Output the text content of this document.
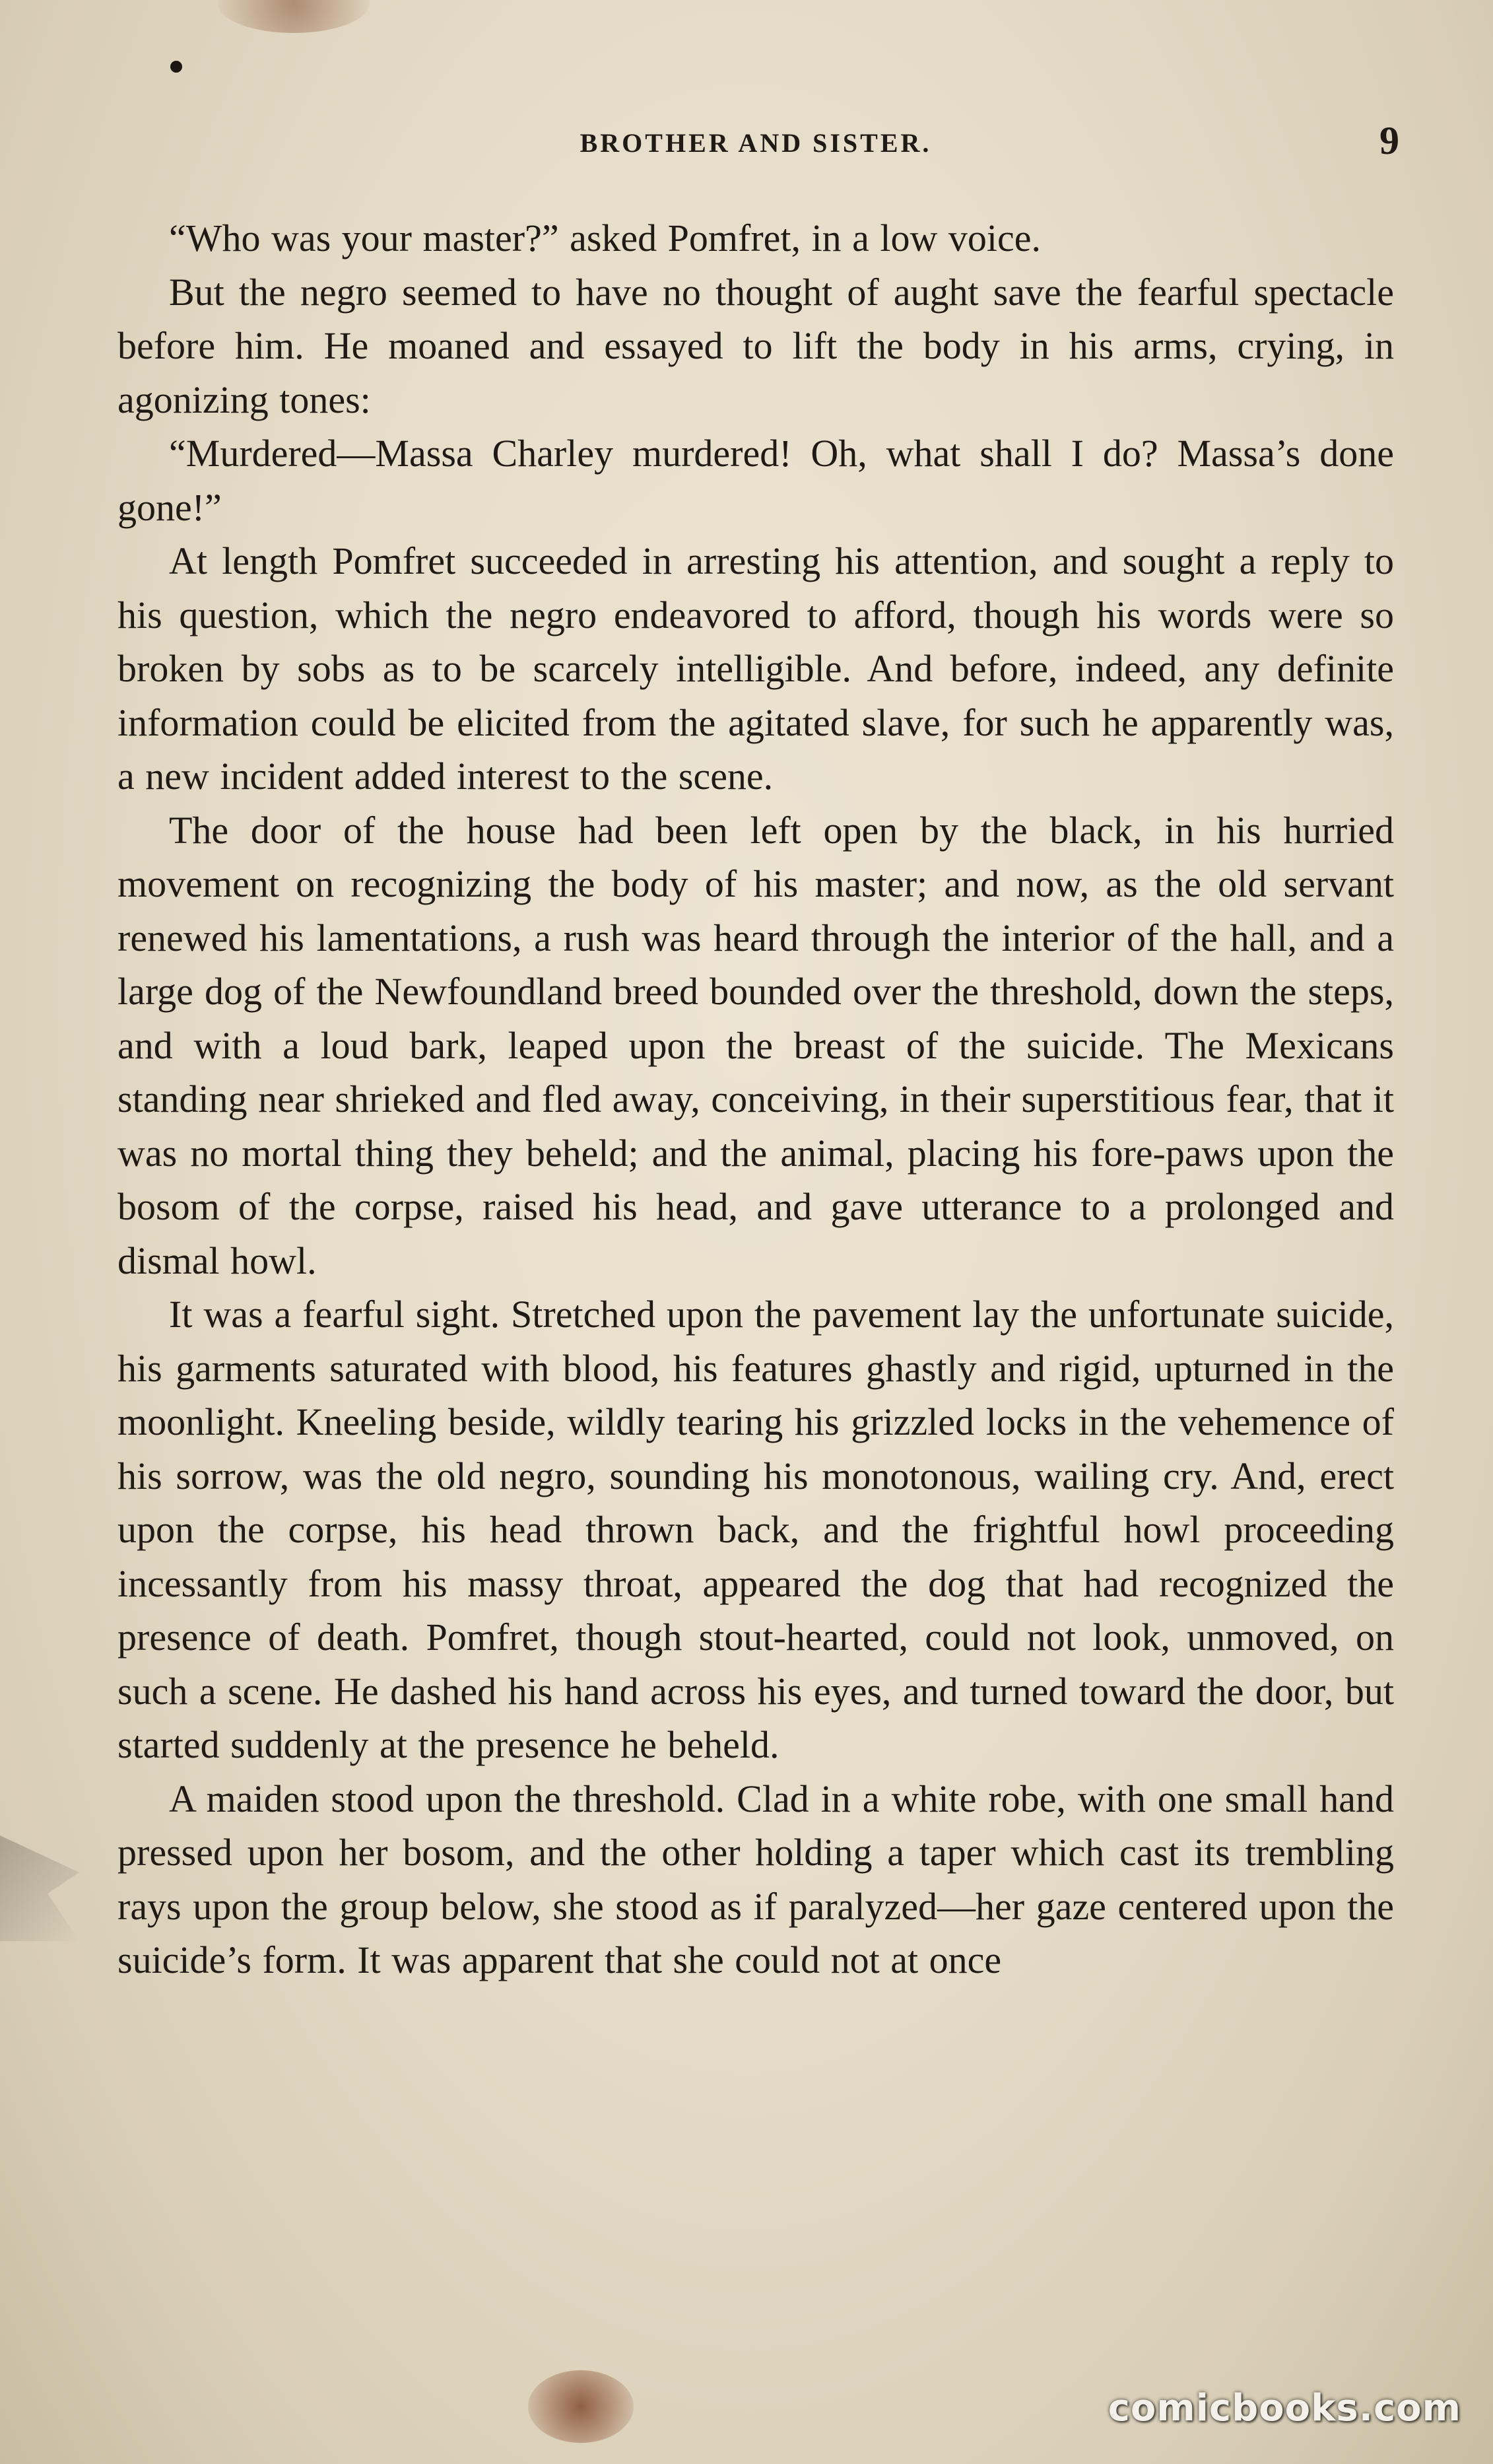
BROTHER AND SISTER.	9

“Who was your master?” asked Pomfret, in a low voice.

But the negro seemed to have no thought of aught save the fearful spectacle before him. He moaned and essayed to lift the body in his arms, crying, in agonizing tones:

“Murdered—Massa Charley murdered! Oh, what shall I do? Massa’s done gone!”

At length Pomfret succeeded in arresting his attention, and sought a reply to his question, which the negro endeavored to afford, though his words were so broken by sobs as to be scarcely intelligible. And before, indeed, any definite information could be elicited from the agitated slave, for such he apparently was, a new incident added interest to the scene.

The door of the house had been left open by the black, in his hurried movement on recognizing the body of his master; and now, as the old servant renewed his lamentations, a rush was heard through the interior of the hall, and a large dog of the Newfoundland breed bounded over the threshold, down the steps, and with a loud bark, leaped upon the breast of the suicide. The Mexicans standing near shrieked and fled away, conceiving, in their superstitious fear, that it was no mortal thing they beheld; and the animal, placing his fore-paws upon the bosom of the corpse, raised his head, and gave utterance to a prolonged and dismal howl.

It was a fearful sight. Stretched upon the pavement lay the unfortunate suicide, his garments saturated with blood, his features ghastly and rigid, upturned in the moonlight. Kneeling beside, wildly tearing his grizzled locks in the vehemence of his sorrow, was the old negro, sounding his monotonous, wailing cry. And, erect upon the corpse, his head thrown back, and the frightful howl proceeding incessantly from his massy throat, appeared the dog that had recognized the presence of death. Pomfret, though stout-hearted, could not look, unmoved, on such a scene. He dashed his hand across his eyes, and turned toward the door, but started suddenly at the presence he beheld.

A maiden stood upon the threshold. Clad in a white robe, with one small hand pressed upon her bosom, and the other holding a taper which cast its trembling rays upon the group below, she stood as if paralyzed—her gaze centered upon the suicide’s form. It was apparent that she could not at once

comicbooks.com
